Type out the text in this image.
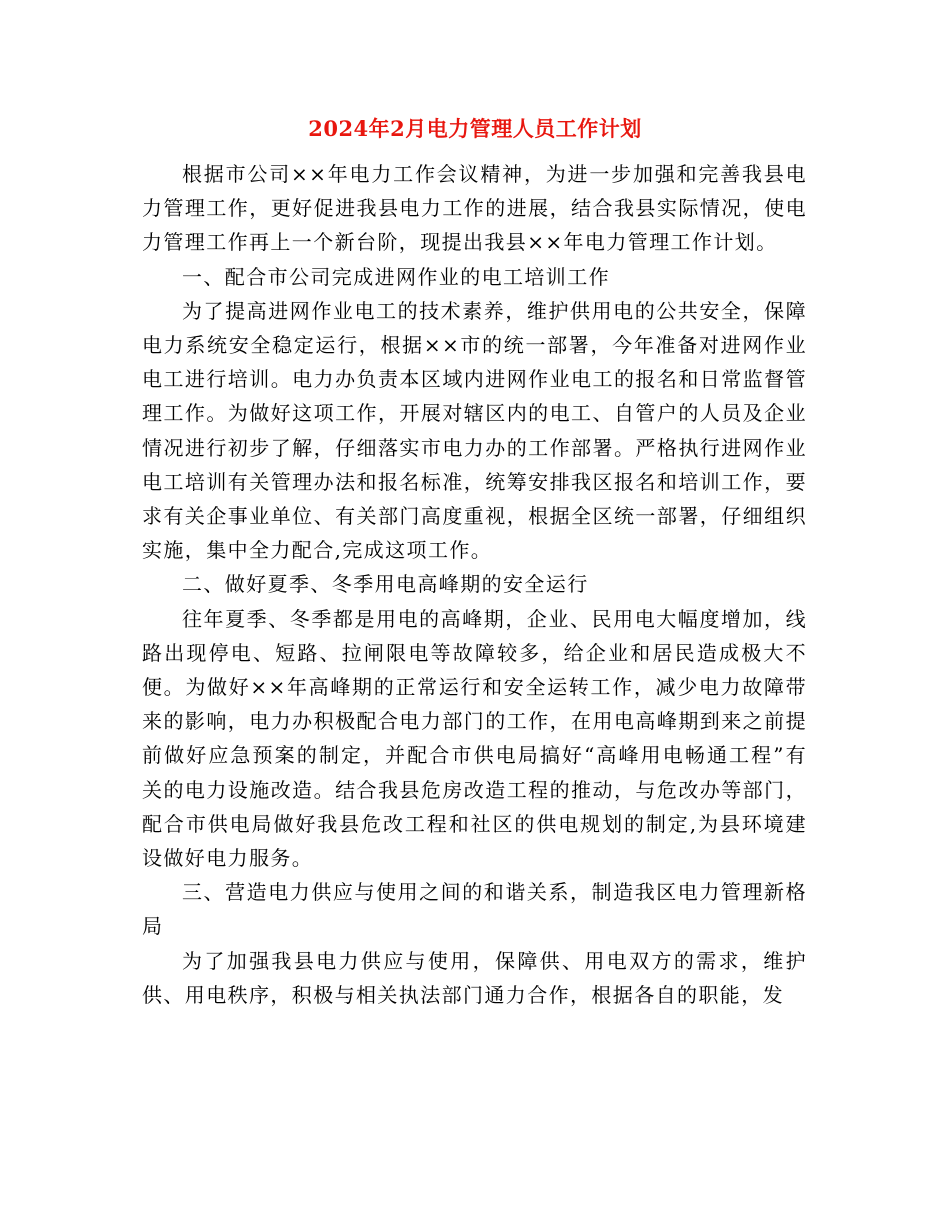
2024年2月电力管理人员工作计划

根据市公司××年电力工作会议精神，为进一步加强和完善我县电力管理工作，更好促进我县电力工作的进展，结合我县实际情况，使电力管理工作再上一个新台阶，现提出我县××年电力管理工作计划。

一、配合市公司完成进网作业的电工培训工作

为了提高进网作业电工的技术素养，维护供用电的公共安全，保障电力系统安全稳定运行，根据××市的统一部署，今年准备对进网作业电工进行培训。电力办负责本区域内进网作业电工的报名和日常监督管理工作。为做好这项工作，开展对辖区内的电工、自管户的人员及企业情况进行初步了解，仔细落实市电力办的工作部署。严格执行进网作业电工培训有关管理办法和报名标准，统筹安排我区报名和培训工作，要求有关企事业单位、有关部门高度重视，根据全区统一部署，仔细组织实施，集中全力配合,完成这项工作。

二、做好夏季、冬季用电高峰期的安全运行

往年夏季、冬季都是用电的高峰期，企业、民用电大幅度增加，线路出现停电、短路、拉闸限电等故障较多，给企业和居民造成极大不便。为做好××年高峰期的正常运行和安全运转工作，减少电力故障带来的影响，电力办积极配合电力部门的工作，在用电高峰期到来之前提前做好应急预案的制定，并配合市供电局搞好“高峰用电畅通工程”有关的电力设施改造。结合我县危房改造工程的推动，与危改办等部门，配合市供电局做好我县危改工程和社区的供电规划的制定,为县环境建设做好电力服务。

三、营造电力供应与使用之间的和谐关系，制造我区电力管理新格局

为了加强我县电力供应与使用，保障供、用电双方的需求，维护供、用电秩序，积极与相关执法部门通力合作，根据各自的职能，发
